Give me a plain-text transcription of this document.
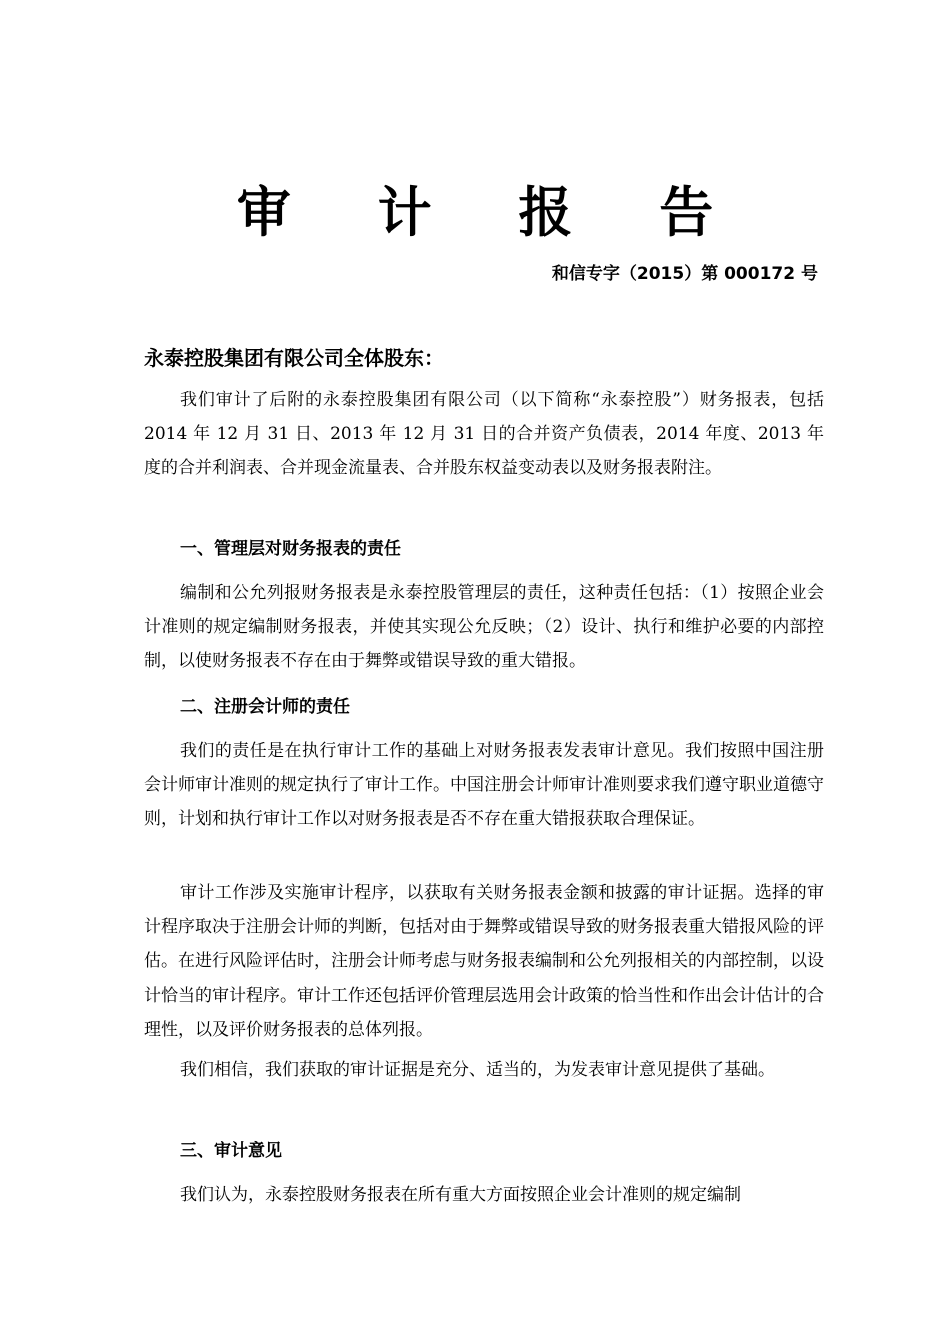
审 计 报 告
和信专字（2015）第 000172 号
永泰控股集团有限公司全体股东：

我们审计了后附的永泰控股集团有限公司（以下简称“永泰控股”）财务报表，包括 2014 年 12 月 31 日、2013 年 12 月 31 日的合并资产负债表，2014 年度、2013 年度的合并利润表、合并现金流量表、合并股东权益变动表以及财务报表附注。

一、管理层对财务报表的责任

编制和公允列报财务报表是永泰控股管理层的责任，这种责任包括：（1）按照企业会计准则的规定编制财务报表，并使其实现公允反映；（2）设计、执行和维护必要的内部控制，以使财务报表不存在由于舞弊或错误导致的重大错报。

二、注册会计师的责任

我们的责任是在执行审计工作的基础上对财务报表发表审计意见。我们按照中国注册会计师审计准则的规定执行了审计工作。中国注册会计师审计准则要求我们遵守职业道德守则，计划和执行审计工作以对财务报表是否不存在重大错报获取合理保证。

审计工作涉及实施审计程序，以获取有关财务报表金额和披露的审计证据。选择的审计程序取决于注册会计师的判断，包括对由于舞弊或错误导致的财务报表重大错报风险的评估。在进行风险评估时，注册会计师考虑与财务报表编制和公允列报相关的内部控制，以设计恰当的审计程序。审计工作还包括评价管理层选用会计政策的恰当性和作出会计估计的合理性，以及评价财务报表的总体列报。

我们相信，我们获取的审计证据是充分、适当的，为发表审计意见提供了基础。

三、审计意见

我们认为，永泰控股财务报表在所有重大方面按照企业会计准则的规定编制
